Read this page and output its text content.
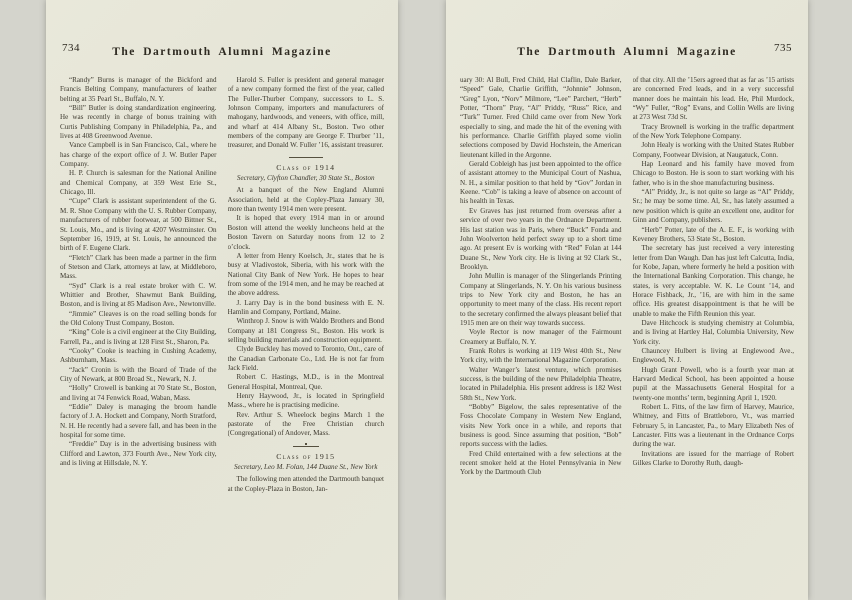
734	The Dartmouth Alumni Magazine
“Randy” Burns is manager of the Bickford and Francis Belting Company, manufacturers of leather belting at 35 Pearl St., Buffalo, N. Y.
“Bill” Butler is doing standardization engineering. He was recently in charge of bonus training with Curtis Publishing Company in Philadelphia, Pa., and lives at 408 Greenwood Avenue.
Vance Campbell is in San Francisco, Cal., where he has charge of the export office of J. W. Butler Paper Company.
H. P. Church is salesman for the National Aniline and Chemical Company, at 359 West Erie St., Chicago, Ill.
“Cupe” Clark is assistant superintendent of the G. M. R. Shoe Company with the U. S. Rubber Company, manufacturers of rubber footwear, at 500 Bittner St., St. Louis, Mo., and is living at 4207 Westminster. On September 16, 1919, at St. Louis, he announced the birth of F. Eugene Clark.
“Fletch” Clark has been made a partner in the firm of Stetson and Clark, attorneys at law, at Middleboro, Mass.
“Syd” Clark is a real estate broker with C. W. Whittier and Brother, Shawmut Bank Building, Boston, and is living at 85 Madison Ave., Newtonville.
“Jimmie” Cleaves is on the road selling bonds for the Old Colony Trust Company, Boston.
“King” Cole is a civil engineer at the City Building, Farrell, Pa., and is living at 128 First St., Sharon, Pa.
“Cooky” Cooke is teaching in Cushing Academy, Ashburnham, Mass.
“Jack” Cronin is with the Board of Trade of the City of Newark, at 800 Broad St., Newark, N. J.
“Holly” Crowell is banking at 70 State St., Boston, and living at 74 Fenwick Road, Waban, Mass.
“Eddie” Daley is managing the broom handle factory of J. A. Hockett and Company, North Stratford, N. H. He recently had a severe fall, and has been in the hospital for some time.
“Freddie” Day is in the advertising business with Clifford and Lawton, 373 Fourth Ave., New York city, and is living at Hillsdale, N. Y.
Harold S. Fuller is president and general manager of a new company formed the first of the year, called The Fuller-Thurber Company, successors to L. S. Johnson Company, importers and manufacturers of mahogany, hardwoods, and veneers, with office, mill, and wharf at 414 Albany St., Boston. Two other members of the company are George F. Thurber ’11, treasurer, and Donald W. Fuller ’16, assistant treasurer.
Class of 1914
Secretary, Clyfton Chandler, 30 State St., Boston
At a banquet of the New England Alumni Association, held at the Copley-Plaza January 30, more than twenty 1914 men were present.
It is hoped that every 1914 man in or around Boston will attend the weekly luncheons held at the Boston Tavern on Saturday noons from 12 to 2 o’clock.
A letter from Henry Koelsch, Jr., states that he is busy at Vladivostok, Siberia, with his work with the National City Bank of New York. He hopes to hear from some of the 1914 men, and he may be reached at the above address.
J. Larry Day is in the bond business with E. N. Hamlin and Company, Portland, Maine.
Winthrop J. Snow is with Waldo Brothers and Bond Company at 181 Congress St., Boston. His work is selling building materials and construction equipment.
Clyde Buckley has moved to Toronto, Ont., care of the Canadian Carbonate Co., Ltd. He is not far from Jack Field.
Robert C. Hastings, M.D., is in the Montreal General Hospital, Montreal, Que.
Henry Haywood, Jr., is located in Springfield Mass., where he is practising medicine.
Rev. Arthur S. Wheelock begins March 1 the pastorate of the Free Christian church (Congregational) of Andover, Mass.
Class of 1915
Secretary, Leo M. Folan, 144 Duane St., New York
The following men attended the Dartmouth banquet at the Copley-Plaza in Boston, Jan-
The Dartmouth Alumni Magazine	735
uary 30: Al Bull, Fred Child, Hal Claflin, Dale Barker, “Speed” Gale, Charlie Griffith, “Johnnie” Johnson, “Greg” Lyon, “Norv” Milmore, “Lee” Parchert, “Herb” Potter, “Thorn” Pray, “Al” Priddy, “Russ” Rice, and “Turk” Turner. Fred Child came over from New York especially to sing, and made the hit of the evening with his performance. Charlie Griffith played some violin selections composed by David Hochstein, the American lieutenant killed in the Argonne.
Gerald Cobleigh has just been appointed to the office of assistant attorney to the Municipal Court of Nashua, N. H., a similar position to that held by “Gov” Jordan in Keene. “Cob” is taking a leave of absence on account of his health in Texas.
Ev Graves has just returned from overseas after a service of over two years in the Ordnance Department. His last station was in Paris, where “Buck” Fonda and John Woolverton held perfect sway up to a short time ago. At present Ev is working with “Red” Folan at 144 Duane St., New York city. He is living at 92 Clark St., Brooklyn.
John Mullin is manager of the Slingerlands Printing Company at Slingerlands, N. Y. On his various business trips to New York city and Boston, he has an opportunity to meet many of the class. His recent report to the secretary confirmed the always pleasant belief that 1915 men are on their way towards success.
Voyle Rector is now manager of the Fairmount Creamery at Buffalo, N. Y.
Frank Rohrs is working at 119 West 40th St., New York city, with the International Magazine Corporation.
Walter Wanger’s latest venture, which promises success, is the building of the new Philadelphia Theatre, located in Philadelphia. His present address is 182 West 58th St., New York.
“Bobby” Bigelow, the sales representative of the Foss Chocolate Company in Western New England, visits New York once in a while, and reports that business is good. Since assuming that position, “Bob” reports success with the ladies.
Fred Child entertained with a few selections at the recent smoker held at the Hotel Pennsylvania in New York by the Dartmouth Club
of that city. All the ’15ers agreed that as far as ’15 artists are concerned Fred leads, and in a very successful manner does he maintain his lead. He, Phil Murdock, “Wy” Fuller, “Rog” Evans, and Collin Wells are living at 273 West 73d St.
Tracy Brownell is working in the traffic department of the New York Telephone Company.
John Healy is working with the United States Rubber Company, Footwear Division, at Naugatuck, Conn.
Hap Leonard and his family have moved from Chicago to Boston. He is soon to start working with his father, who is in the shoe manufacturing business.
“Al” Priddy, Jr., is not quite so large as “Al” Priddy, Sr.; he may be some time. Al, Sr., has lately assumed a new position which is quite an excellent one, auditor for Ginn and Company, publishers.
“Herb” Potter, late of the A. E. F., is working with Keveney Brothers, 53 State St., Boston.
The secretary has just received a very interesting letter from Dan Waugh. Dan has just left Calcutta, India, for Kobe, Japan, where formerly he held a position with the International Banking Corporation. This change, he states, is very acceptable. W. K. Le Count ’14, and Horace Fishback, Jr., ’16, are with him in the same office. His greatest disappointment is that he will be unable to make the Fifth Reunion this year.
Dave Hitchcock is studying chemistry at Columbia, and is living at Hartley Hal, Columbia University, New York city.
Chauncey Hulbert is living at Englewood Ave., Englewood, N. J.
Hugh Grant Powell, who is a fourth year man at Harvard Medical School, has been appointed a house pupil at the Massachusetts General Hospital for a twenty-one months’ term, beginning April 1, 1920.
Robert L. Fitts, of the law firm of Harvey, Maurice, Whitney, and Fitts of Brattleboro, Vt., was married February 5, in Lancaster, Pa., to Mary Elizabeth Nes of Lancaster. Fitts was a lieutenant in the Ordnance Corps during the war.
Invitations are issued for the marriage of Robert Gilkes Clarke to Dorothy Ruth, daugh-
